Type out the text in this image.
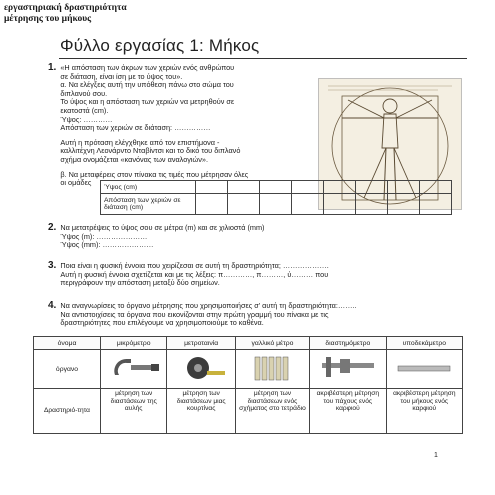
εργαστηριακή δραστηριότητα
μέτρησης του μήκους
Φύλλο εργασίας 1: Μήκος
1. «Η απόσταση των άκρων των χεριών ενός ανθρώπου
σε διάταση, είναι ίση με το ύψος του».
α. Να ελέγξεις αυτή την υπόθεση πάνω στο σώμα του
διπλανού σου.
Το ύψος και η απόσταση των χεριών να μετρηθούν σε
εκατοστά (cm).
Ύψος: …………
Απόσταση των χεριών σε διάταση: ……………
Αυτή η πρόταση ελέγχθηκε από τον επιστήμονα -
καλλιτέχνη Λεονάρντο Νταβίντσι και το δικό του διπλανό
σχήμα ονομάζεται «κανόνας των αναλογιών».
β. Να μεταφέρεις στον πίνακα τις τιμές που μέτρησαν όλες
οι ομάδες	Ύψος (cm)								
Απόσταση των χεριών σε διάταση (cm)								
2. Να μετατρέψεις το ύψος σου σε μέτρα (m) και σε χιλιοστά (mm)
Ύψος (m): …………………
Ύψος (mm): …………………
3. Ποια είναι η φυσική έννοια που χειρίζεσαι σε αυτή τη δραστηριότητα; ……………….
Αυτή η φυσική έννοια σχετίζεται και με τις λέξεις: π…………, π………, ύ……… που
περιγράφουν την απόσταση μεταξύ δύο σημείων.
4. Να αναγνωρίσεις το όργανο μέτρησης που χρησιμοποιήσες σ' αυτή τη δραστηριότητα:……..
Να αντιστοιχίσεις τα όργανα που εικονίζονται στην πρώτη γραμμή του πίνακα με τις
δραστηριότητες που επιλέγουμε να χρησιμοποιούμε το καθένα.
όνομα	μικρόμετρο	μετροταινία	γαλλικό μέτρο	διαστημόμετρο	υποδεκάμετρο
όργανο					
Δραστηριό-τητα	μέτρηση των διαστάσεων της αυλής	μέτρηση των διαστάσεων μιας κουρτίνας	μέτρηση των διαστάσεων ενός σχήματος στο τετράδιο	ακριβέστερη μέτρηση του πάχους ενός καρφιού	ακριβέστερη μέτρηση του μήκους ενός καρφιού
1
